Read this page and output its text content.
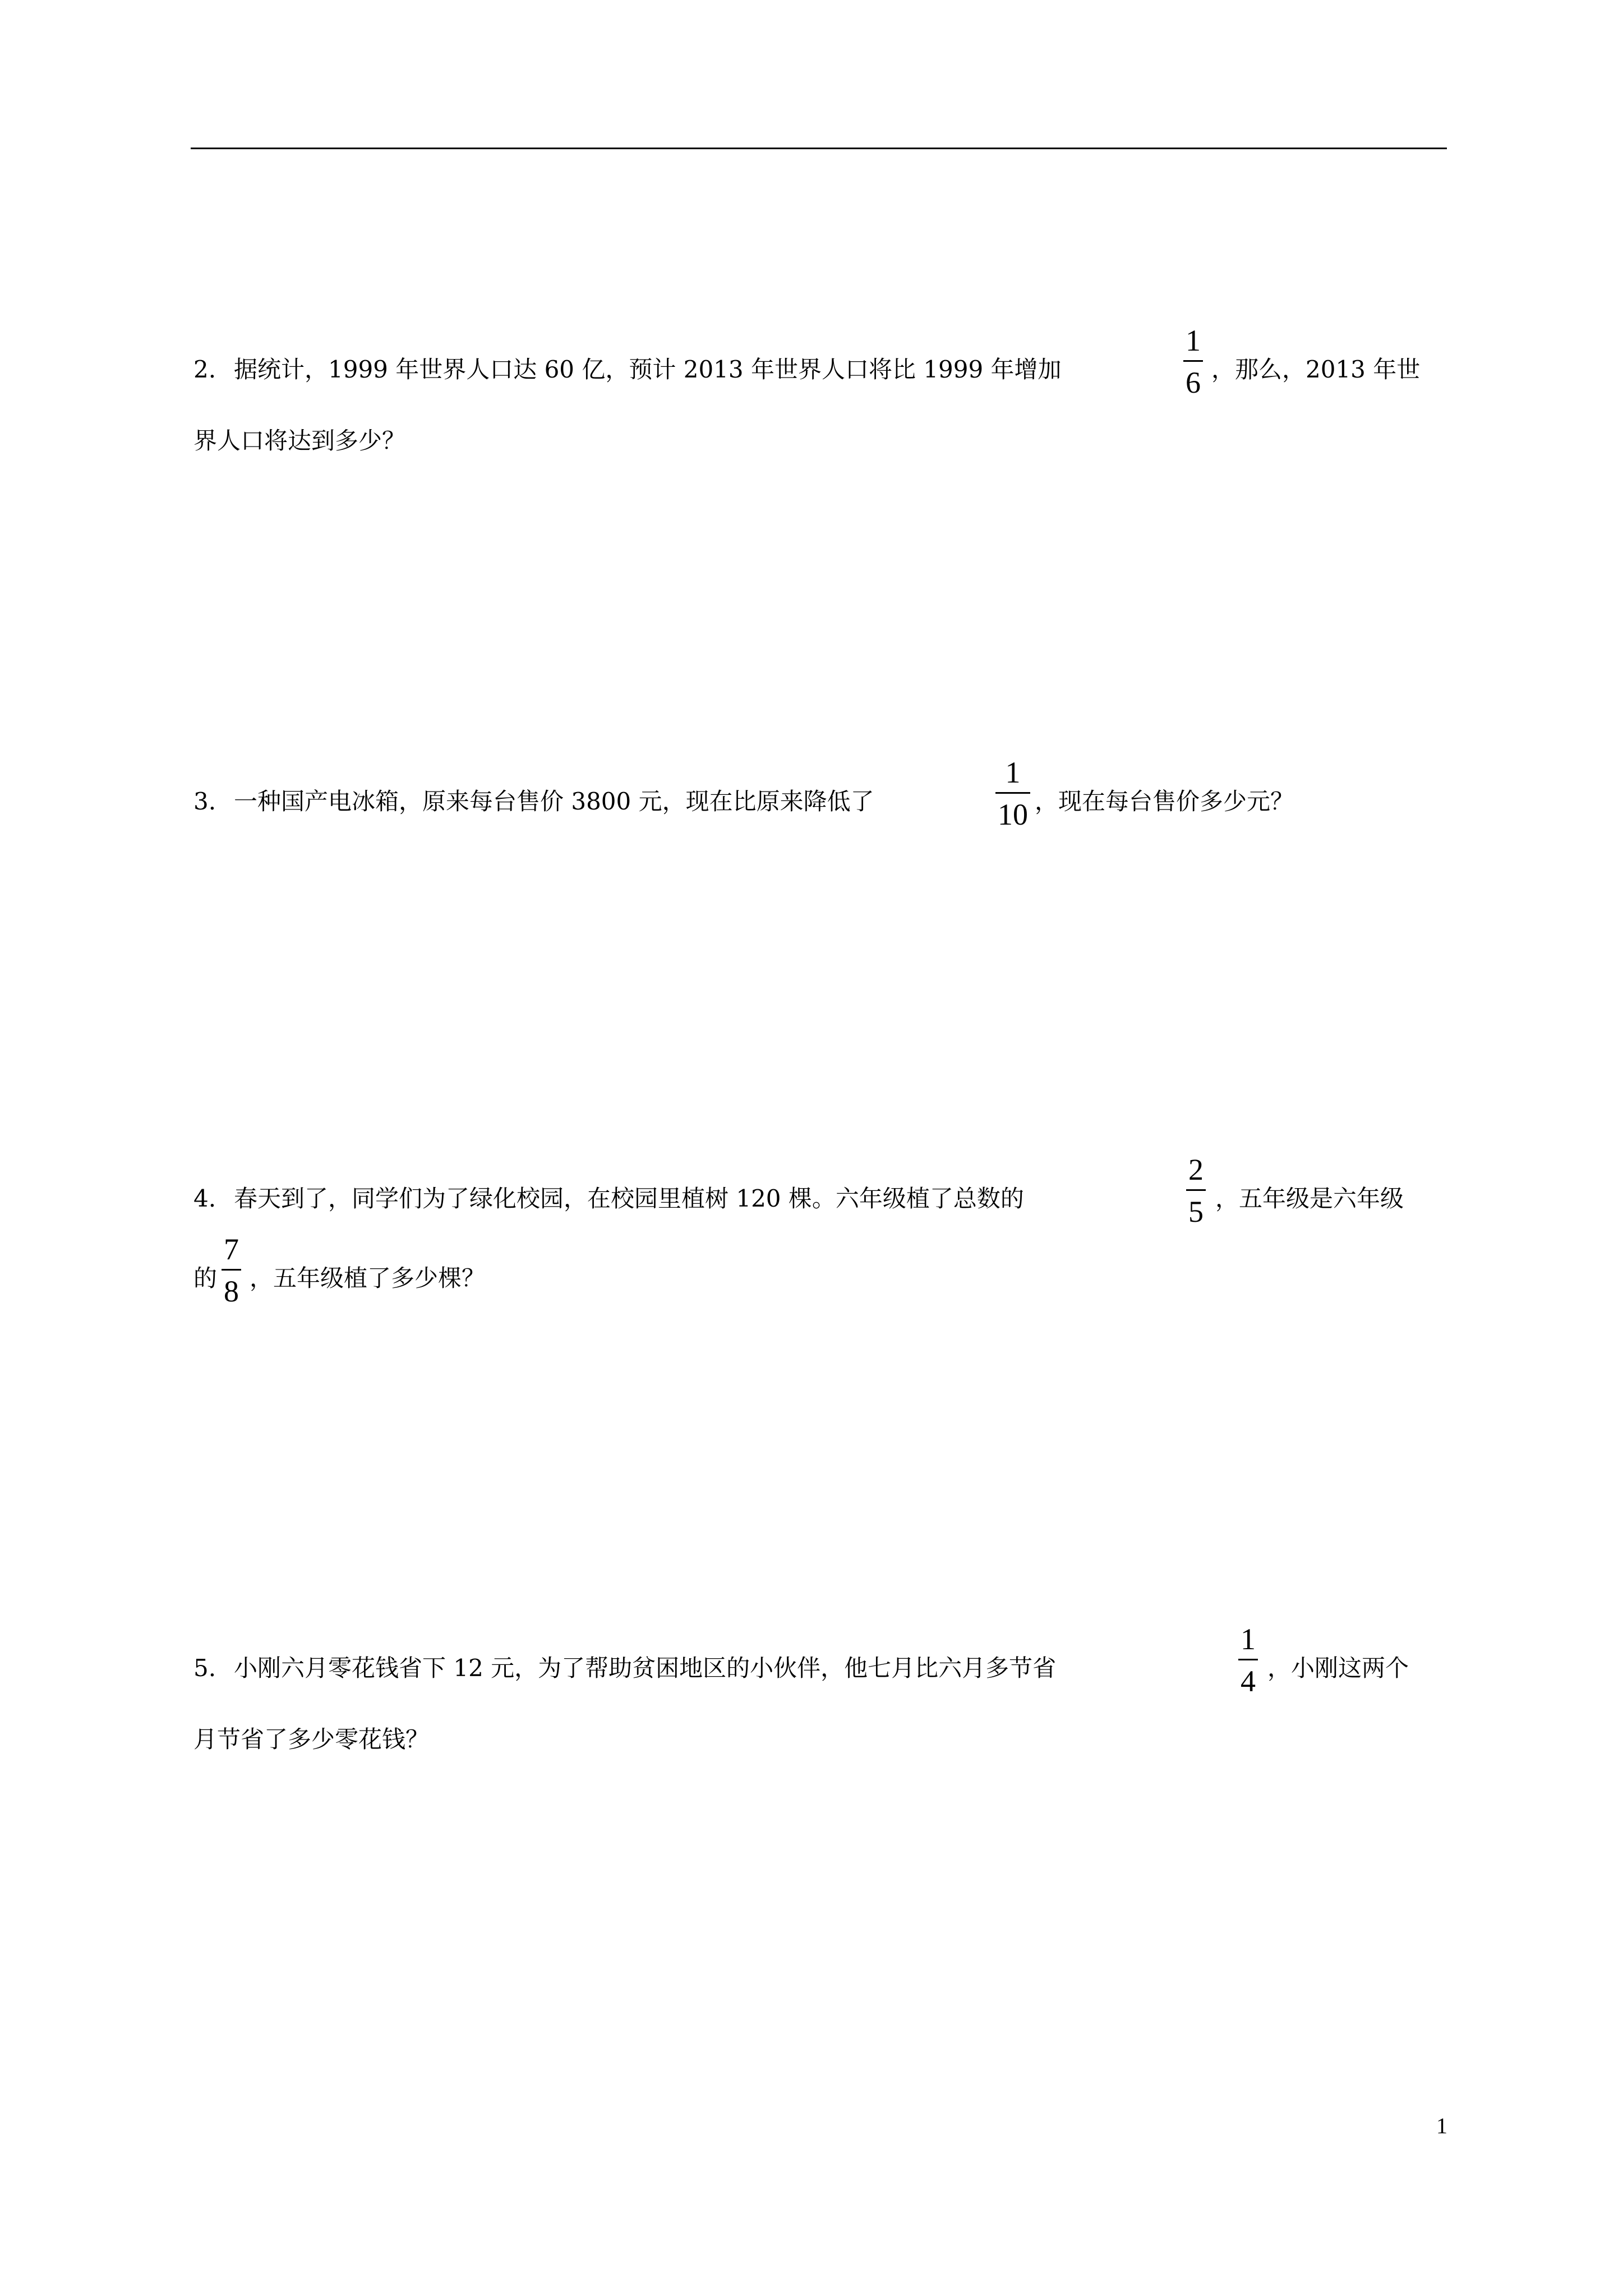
2. 据统计，1999 年世界人口达 60 亿，预计 2013 年世界人口将比 1999 年增加
1
6 ，那么，2013 年世
界人口将达到多少？
3. 一种国产电冰箱，原来每台售价 3800 元，现在比原来降低了
1
10 ，现在每台售价多少元？
4. 春天到了，同学们为了绿化校园，在校园里植树 120 棵。六年级植了总数的
2
5 ，五年级是六年级
的
7
8 ，五年级植了多少棵？
5. 小刚六月零花钱省下 12 元，为了帮助贫困地区的小伙伴，他七月比六月多节省
1
4 ，小刚这两个
月节省了多少零花钱？
1
